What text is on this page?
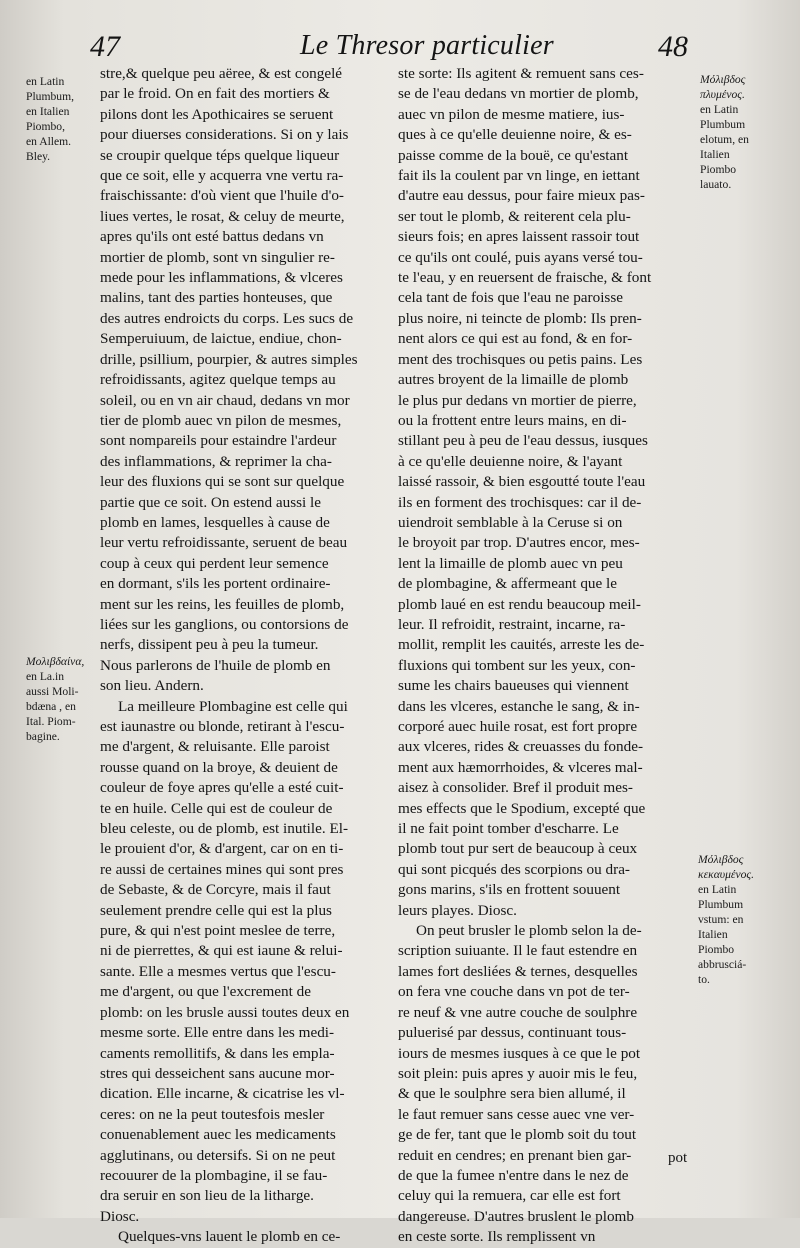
47	Le Thresor particulier	48
en Latin
Plumbum,
en Italien
Piombo,
en Allem.
Bley.
Μολιβδαίνα,
en La.in
aussi Moli-
bdæna , en
Ital. Piom-
bagine.
Μόλιβδος
πλυμένος.
en Latin
Plumbum
elotum, en
Italien
Piombo
lauato.
Μόλιβδος
κεκαυμένος.
en Latin
Plumbum
vstum: en
Italien
Piombo
abbrusciá-
to.
stre,& quelque peu aëree, & est congelé
par le froid. On en fait des mortiers &
pilons dont les Apothicaires se seruent
pour diuerses considerations. Si on y lais
se croupir quelque téps quelque liqueur
que ce soit, elle y acquerra vne vertu ra-
fraischissante: d'où vient que l'huile d'o-
liues vertes, le rosat, & celuy de meurte,
apres qu'ils ont esté battus dedans vn
mortier de plomb, sont vn singulier re-
mede pour les inflammations, & vlceres
malins, tant des parties honteuses, que
des autres endroicts du corps. Les sucs de
Semperuiuum, de laictue, endiue, chon-
drille, psillium, pourpier, & autres simples
refroidissants, agitez quelque temps au
soleil, ou en vn air chaud, dedans vn mor
tier de plomb auec vn pilon de mesmes,
sont nompareils pour estaindre l'ardeur
des inflammations, & reprimer la cha-
leur des fluxions qui se sont sur quelque
partie que ce soit. On estend aussi le
plomb en lames, lesquelles à cause de
leur vertu refroidissante, seruent de beau
coup à ceux qui perdent leur semence
en dormant, s'ils les portent ordinaire-
ment sur les reins, les feuilles de plomb,
liées sur les ganglions, ou contorsions de
nerfs, dissipent peu à peu la tumeur.
Nous parlerons de l'huile de plomb en
son lieu. Andern.
La meilleure Plombagine est celle qui
est iaunastre ou blonde, retirant à l'escu-
me d'argent, & reluisante. Elle paroist
rousse quand on la broye, & deuient de
couleur de foye apres qu'elle a esté cuit-
te en huile. Celle qui est de couleur de
bleu celeste, ou de plomb, est inutile. El-
le prouient d'or, & d'argent, car on en ti-
re aussi de certaines mines qui sont pres
de Sebaste, & de Corcyre, mais il faut
seulement prendre celle qui est la plus
pure, & qui n'est point meslee de terre,
ni de pierrettes, & qui est iaune & relui-
sante. Elle a mesmes vertus que l'escu-
me d'argent, ou que l'excrement de
plomb: on les brusle aussi toutes deux en
mesme sorte. Elle entre dans les medi-
caments remollitifs, & dans les empla-
stres qui desseichent sans aucune mor-
dication. Elle incarne, & cicatrise les vl-
ceres: on ne la peut toutesfois mesler
conuenablement auec les medicaments
agglutinans, ou detersifs. Si on ne peut
recouurer de la plombagine, il se fau-
dra seruir en son lieu de la litharge.
Diosc.
Quelques-vns lauent le plomb en ce-
ste sorte: Ils agitent & remuent sans ces-
se de l'eau dedans vn mortier de plomb,
auec vn pilon de mesme matiere, ius-
ques à ce qu'elle deuienne noire, & es-
paisse comme de la bouë, ce qu'estant
fait ils la coulent par vn linge, en iettant
d'autre eau dessus, pour faire mieux pas-
ser tout le plomb, & reiterent cela plu-
sieurs fois; en apres laissent rassoir tout
ce qu'ils ont coulé, puis ayans versé tou-
te l'eau, y en reuersent de fraische, & font
cela tant de fois que l'eau ne paroisse
plus noire, ni teincte de plomb: Ils pren-
nent alors ce qui est au fond, & en for-
ment des trochisques ou petis pains. Les
autres broyent de la limaille de plomb
le plus pur dedans vn mortier de pierre,
ou la frottent entre leurs mains, en di-
stillant peu à peu de l'eau dessus, iusques
à ce qu'elle deuienne noire, & l'ayant
laissé rassoir, & bien esgoutté toute l'eau
ils en forment des trochisques: car il de-
uiendroit semblable à la Ceruse si on
le broyoit par trop. D'autres encor, mes-
lent la limaille de plomb auec vn peu
de plombagine, & affermeant que le
plomb laué en est rendu beaucoup meil-
leur. Il refroidit, restraint, incarne, ra-
mollit, remplit les cauités, arreste les de-
fluxions qui tombent sur les yeux, con-
sume les chairs baueuses qui viennent
dans les vlceres, estanche le sang, & in-
corporé auec huile rosat, est fort propre
aux vlceres, rides & creuasses du fonde-
ment aux hæmorrhoides, & vlceres mal-
aisez à consolider. Bref il produit mes-
mes effects que le Spodium, excepté que
il ne fait point tomber d'escharre. Le
plomb tout pur sert de beaucoup à ceux
qui sont picqués des scorpions ou dra-
gons marins, s'ils en frottent souuent
leurs playes. Diosc.
On peut brusler le plomb selon la de-
scription suiuante. Il le faut estendre en
lames fort desliées & ternes, desquelles
on fera vne couche dans vn pot de ter-
re neuf & vne autre couche de soulphre
puluerisé par dessus, continuant tous-
iours de mesmes iusques à ce que le pot
soit plein: puis apres y auoir mis le feu,
& que le soulphre sera bien allumé, il
le faut remuer sans cesse auec vne ver-
ge de fer, tant que le plomb soit du tout
reduit en cendres; en prenant bien gar-
de que la fumee n'entre dans le nez de
celuy qui la remuera, car elle est fort
dangereuse. D'autres bruslent le plomb
en ceste sorte. Ils remplissent vn
pot
